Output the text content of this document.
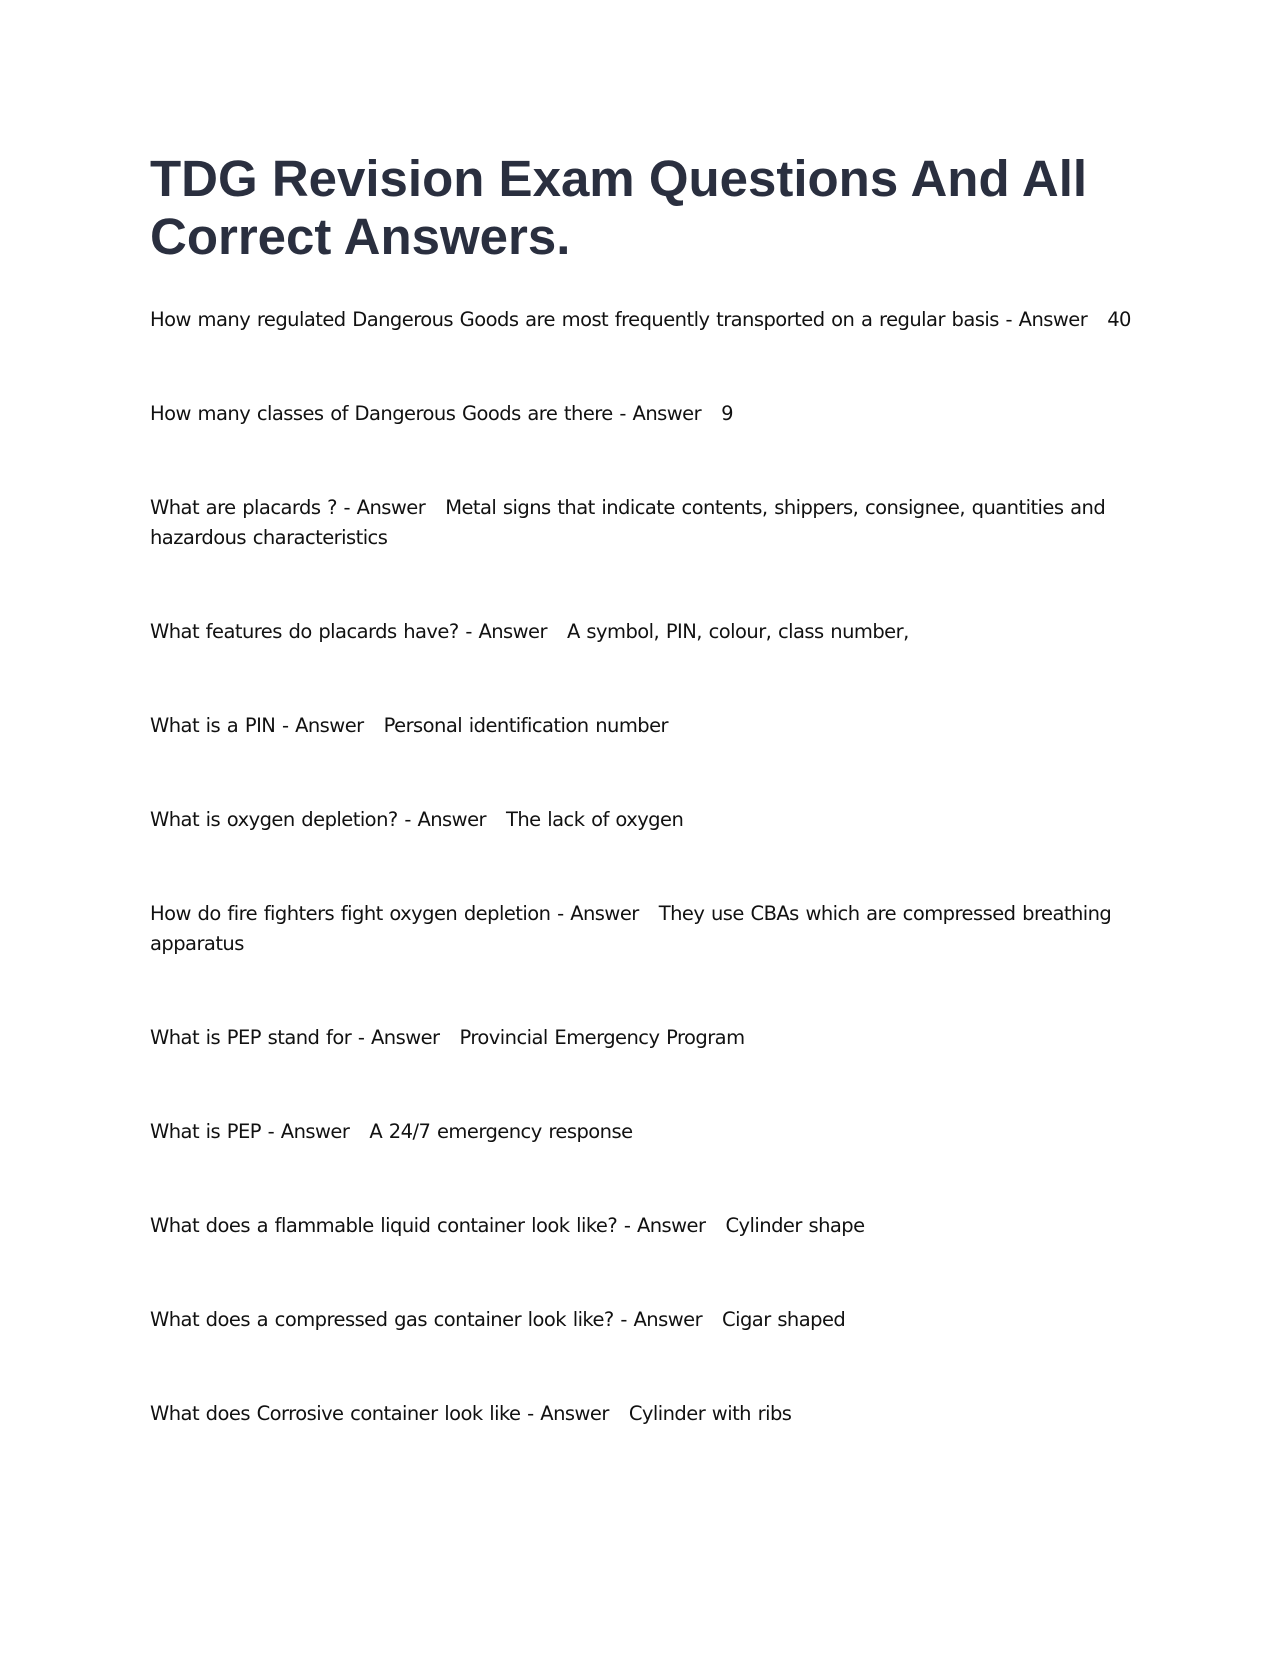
TDG Revision Exam Questions And All Correct Answers.
How many regulated Dangerous Goods are most frequently transported on a regular basis - Answer 40
How many classes of Dangerous Goods are there - Answer 9
What are placards ? - Answer Metal signs that indicate contents, shippers, consignee, quantities and hazardous characteristics
What features do placards have? - Answer A symbol, PIN, colour, class number,
What is a PIN - Answer Personal identification number
What is oxygen depletion? - Answer The lack of oxygen
How do fire fighters fight oxygen depletion - Answer They use CBAs which are compressed breathing apparatus
What is PEP stand for - Answer Provincial Emergency Program
What is PEP - Answer A 24/7 emergency response
What does a flammable liquid container look like? - Answer Cylinder shape
What does a compressed gas container look like? - Answer Cigar shaped
What does Corrosive container look like - Answer Cylinder with ribs
